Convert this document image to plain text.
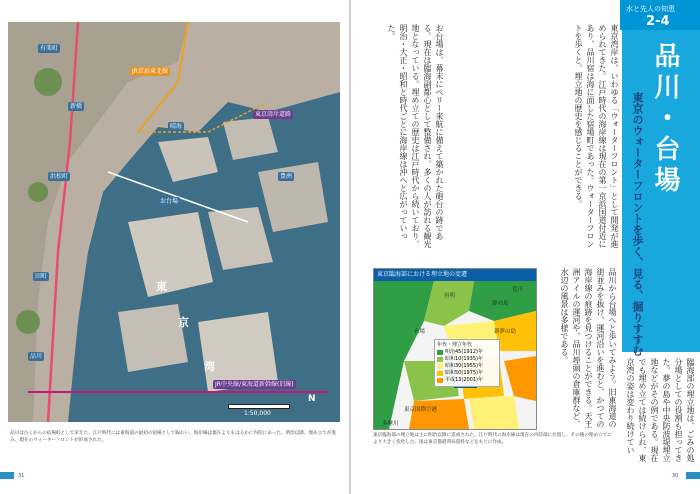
JR京浜東北線
東京湾岸道路
有楽町
新橋
浜松町
田町
品川
お台場
晴海
豊洲
JR中央線/東海道新幹線(旧線)
東
京
湾
1:50,000
N
品川は古くからの宿場町として栄えた。江戸時代には東海道の最初の宿場として賑わい、海岸線は現在よりもはるかに内陸にあった。明治以降、埋め立てが進み、現在のウォーターフロントが形成された。
31
水と先人の知恵
2-4
品川・台場
東京のウォーターフロントを歩く、見る、掘りすすむ
東京湾岸は、いわゆる「ウォーターフロント」として開発が進められてきた。江戸時代の海岸線は現在の第一京浜国道付近にあり、品川宿は海に面した宿場町であった。ウォーターフロントを歩くと、埋立地の歴史を感じることができる。
お台場は、幕末にペリー来航に備えて築かれた砲台の跡である。現在は臨海副都心として整備され、多くの人が訪れる観光地となっている。埋め立ての歴史は江戸時代から続いており、明治・大正・昭和と時代ごとに海岸線は沖へと広がっていった。
品川から台場へと歩いてみよう。旧東海道の街並みを抜け、運河沿いを進むと、かつての海岸線の痕跡を見つけることができる。天王洲アイルの運河や、品川埠頭の倉庫群など、水辺の風景は多様である。	臨海部の埋立地は、ごみの処分場としての役割も担ってきた。夢の島や中央防波堤埋立地などがその例である。現在でも埋め立ては続けられ、東京湾の姿は変わり続けてい
東京臨海部における埋立地の変遷
有明
夢の島
新夢の島
台場
東京国際空港
多摩川
荒川
年代・埋立年代
明治45(1912)年
昭和10(1935)年
昭和30(1955)年
昭和50(1975)年
平成13(2001)年
東京臨海部の埋立地は主に明治以降に造成された。江戸時代の海岸線は現在の内陸部に位置し、その後の埋め立てにより大きく変化した。図は東京都港湾局資料などをもとに作成。
30
